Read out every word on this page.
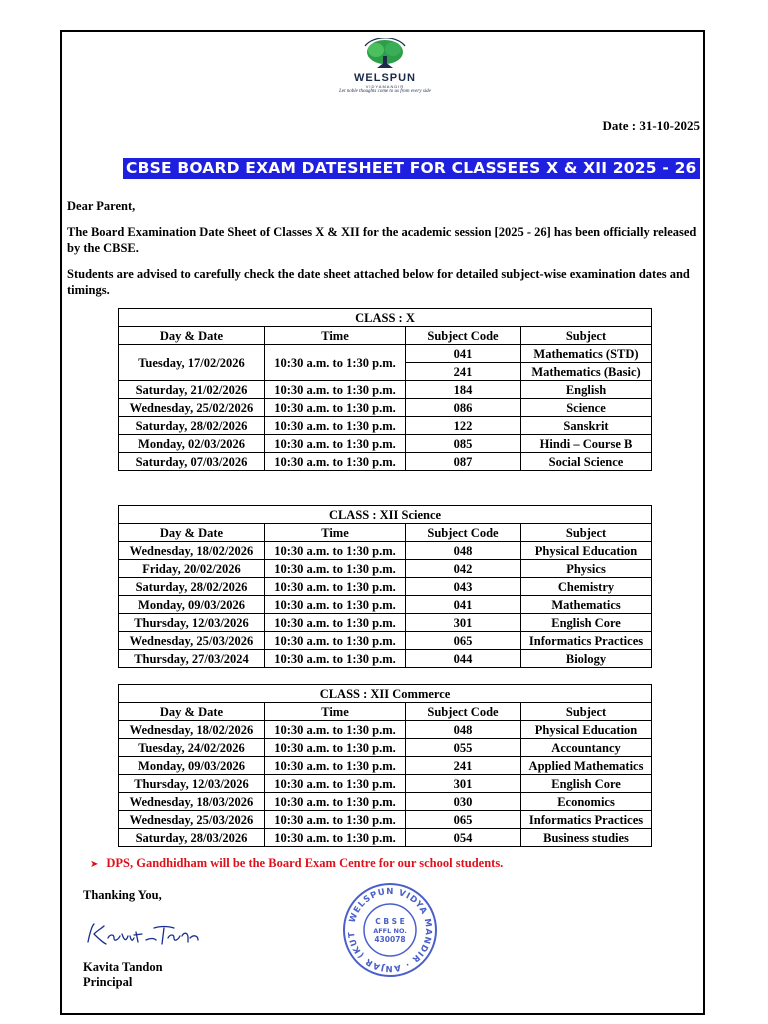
WELSPUN
VIDYAMANDIR
Let noble thoughts come to us from every side
Date : 31-10-2025
CBSE BOARD EXAM DATESHEET FOR CLASSEES X & XII 2025 - 26
Dear Parent,
The Board Examination Date Sheet of Classes X & XII for the academic session [2025 - 26] has been officially released by the CBSE.
Students are advised to carefully check the date sheet attached below for detailed subject-wise examination dates and timings.
CLASS : X			
Day & Date	Time	Subject Code	Subject
Tuesday, 17/02/2026	10:30 a.m. to 1:30 p.m.	041	Mathematics (STD)
		241	Mathematics (Basic)
Saturday, 21/02/2026	10:30 a.m. to 1:30 p.m.	184	English
Wednesday, 25/02/2026	10:30 a.m. to 1:30 p.m.	086	Science
Saturday, 28/02/2026	10:30 a.m. to 1:30 p.m.	122	Sanskrit
Monday, 02/03/2026	10:30 a.m. to 1:30 p.m.	085	Hindi – Course B
Saturday, 07/03/2026	10:30 a.m. to 1:30 p.m.	087	Social Science
CLASS : XII Science			
Day & Date	Time	Subject Code	Subject
Wednesday, 18/02/2026	10:30 a.m. to 1:30 p.m.	048	Physical Education
Friday, 20/02/2026	10:30 a.m. to 1:30 p.m.	042	Physics
Saturday, 28/02/2026	10:30 a.m. to 1:30 p.m.	043	Chemistry
Monday, 09/03/2026	10:30 a.m. to 1:30 p.m.	041	Mathematics
Thursday, 12/03/2026	10:30 a.m. to 1:30 p.m.	301	English Core
Wednesday, 25/03/2026	10:30 a.m. to 1:30 p.m.	065	Informatics Practices
Thursday, 27/03/2024	10:30 a.m. to 1:30 p.m.	044	Biology
CLASS : XII Commerce			
Day & Date	Time	Subject Code	Subject
Wednesday, 18/02/2026	10:30 a.m. to 1:30 p.m.	048	Physical Education
Tuesday, 24/02/2026	10:30 a.m. to 1:30 p.m.	055	Accountancy
Monday, 09/03/2026	10:30 a.m. to 1:30 p.m.	241	Applied Mathematics
Thursday, 12/03/2026	10:30 a.m. to 1:30 p.m.	301	English Core
Wednesday, 18/03/2026	10:30 a.m. to 1:30 p.m.	030	Economics
Wednesday, 25/03/2026	10:30 a.m. to 1:30 p.m.	065	Informatics Practices
Saturday, 28/03/2026	10:30 a.m. to 1:30 p.m.	054	Business studies
➤ DPS, Gandhidham will be the Board Exam Centre for our school students.
Thanking You,
Kavita Tandon
Principal
WELSPUN VIDYA MANDIR · ANJAR (KUT
C B S E
AFFL NO.
430078
